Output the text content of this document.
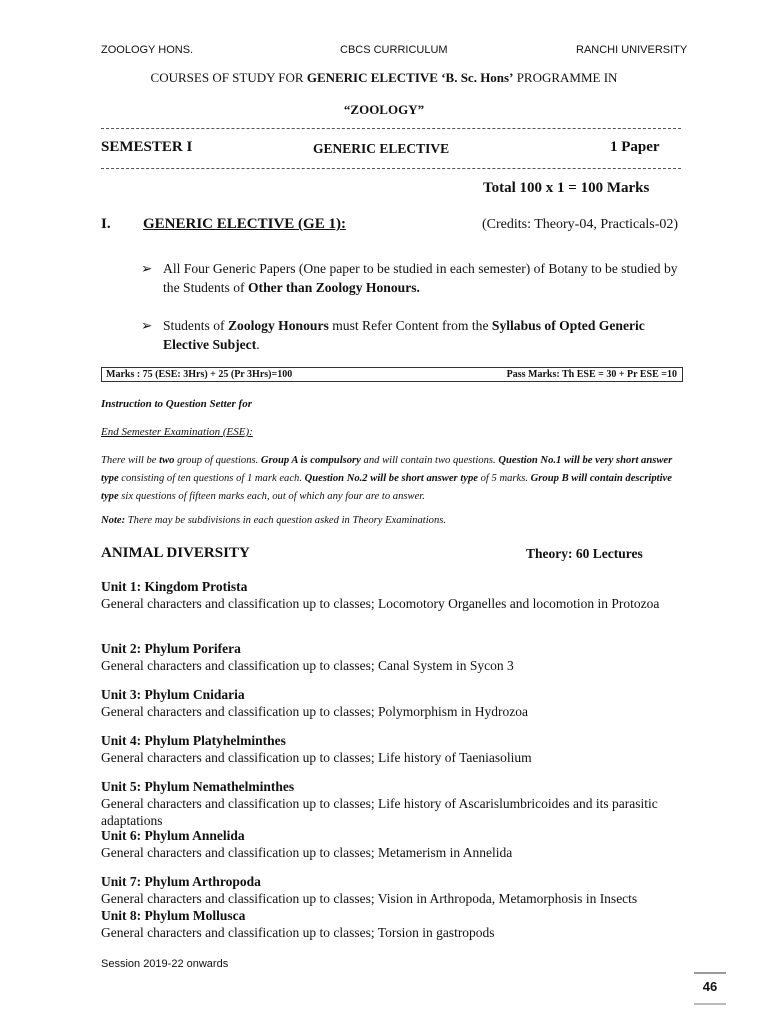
ZOOLOGY HONS.	CBCS CURRICULUM	RANCHI UNIVERSITY
COURSES OF STUDY FOR GENERIC ELECTIVE ‘B. Sc. Hons’ PROGRAMME IN
“ZOOLOGY”
SEMESTER I	GENERIC ELECTIVE	1 Paper
Total 100 x 1 = 100 Marks
I. GENERIC ELECTIVE (GE 1):	(Credits: Theory-04, Practicals-02)
➢ All Four Generic Papers (One paper to be studied in each semester) of Botany to be studied by the Students of Other than Zoology Honours.
➢ Students of Zoology Honours must Refer Content from the Syllabus of Opted Generic Elective Subject.
Marks : 75 (ESE: 3Hrs) + 25 (Pr 3Hrs)=100	Pass Marks: Th ESE = 30 + Pr ESE =10
Instruction to Question Setter for
End Semester Examination (ESE):
There will be two group of questions. Group A is compulsory and will contain two questions. Question No.1 will be very short answer type consisting of ten questions of 1 mark each. Question No.2 will be short answer type of 5 marks. Group B will contain descriptive type six questions of fifteen marks each, out of which any four are to answer.
Note: There may be subdivisions in each question asked in Theory Examinations.
ANIMAL DIVERSITY	Theory: 60 Lectures
Unit 1: Kingdom Protista
General characters and classification up to classes; Locomotory Organelles and locomotion in Protozoa
Unit 2: Phylum Porifera
General characters and classification up to classes; Canal System in Sycon 3
Unit 3: Phylum Cnidaria
General characters and classification up to classes; Polymorphism in Hydrozoa
Unit 4: Phylum Platyhelminthes
General characters and classification up to classes; Life history of Taeniasolium
Unit 5: Phylum Nemathelminthes
General characters and classification up to classes; Life history of Ascarislumbricoides and its parasitic adaptations
Unit 6: Phylum Annelida
General characters and classification up to classes; Metamerism in Annelida
Unit 7: Phylum Arthropoda
General characters and classification up to classes; Vision in Arthropoda, Metamorphosis in Insects
Unit 8: Phylum Mollusca
General characters and classification up to classes; Torsion in gastropods
Session 2019-22 onwards
46
